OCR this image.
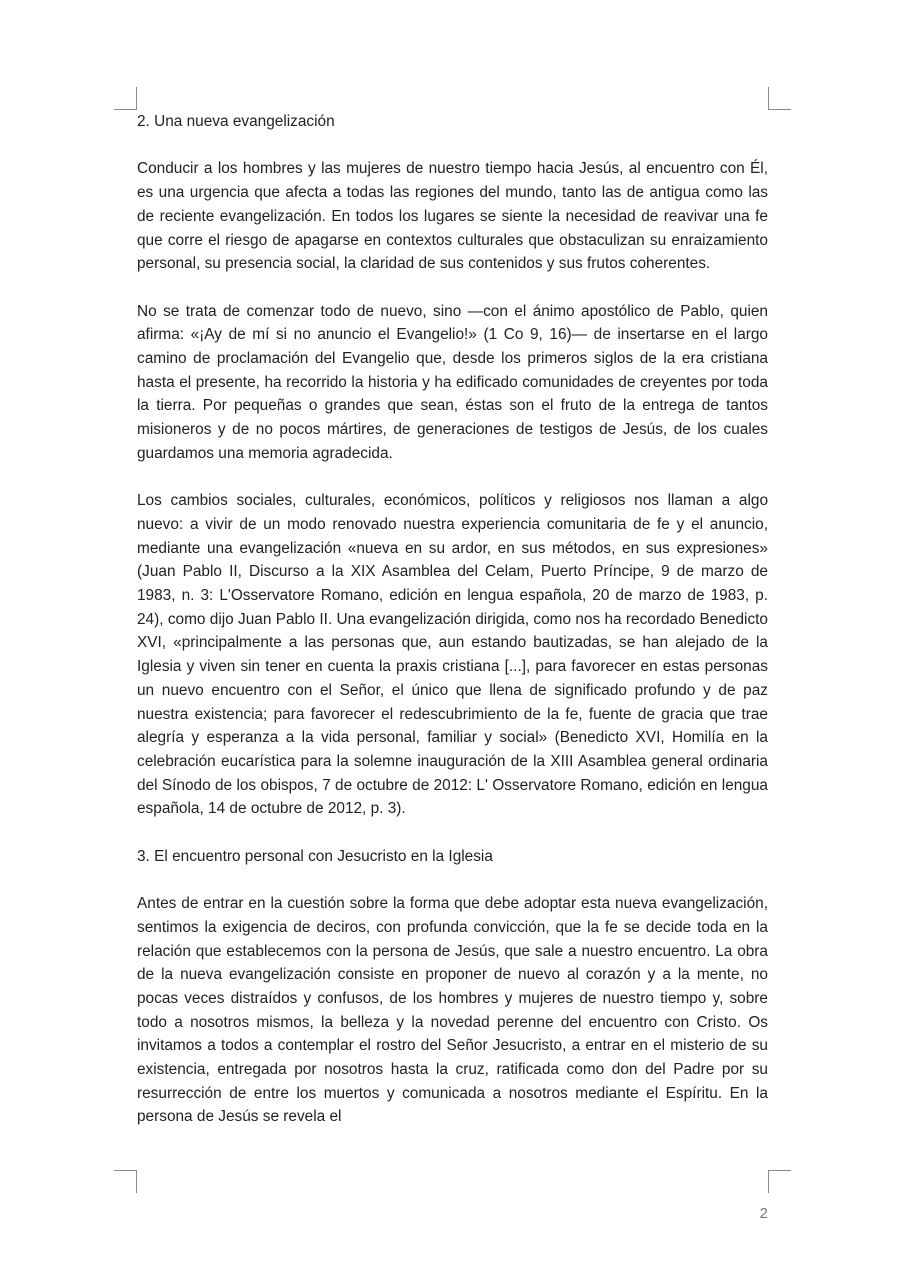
2. Una nueva evangelización

Conducir a los hombres y las mujeres de nuestro tiempo hacia Jesús, al encuentro con Él, es una urgencia que afecta a todas las regiones del mundo, tanto las de antigua como las de reciente evangelización. En todos los lugares se siente la necesidad de reavivar una fe que corre el riesgo de apagarse en contextos culturales que obstaculizan su enraizamiento personal, su presencia social, la claridad de sus contenidos y sus frutos coherentes.

No se trata de comenzar todo de nuevo, sino —con el ánimo apostólico de Pablo, quien afirma: «¡Ay de mí si no anuncio el Evangelio!» (1 Co 9, 16)— de insertarse en el largo camino de proclamación del Evangelio que, desde los primeros siglos de la era cristiana hasta el presente, ha recorrido la historia y ha edificado comunidades de creyentes por toda la tierra. Por pequeñas o grandes que sean, éstas son el fruto de la entrega de tantos misioneros y de no pocos mártires, de generaciones de testigos de Jesús, de los cuales guardamos una memoria agradecida.

Los cambios sociales, culturales, económicos, políticos y religiosos nos llaman a algo nuevo: a vivir de un modo renovado nuestra experiencia comunitaria de fe y el anuncio, mediante una evangelización «nueva en su ardor, en sus métodos, en sus expresiones» (Juan Pablo II, Discurso a la XIX Asamblea del Celam, Puerto Príncipe, 9 de marzo de 1983, n. 3: L'Osservatore Romano, edición en lengua española, 20 de marzo de 1983, p. 24), como dijo Juan Pablo II. Una evangelización dirigida, como nos ha recordado Benedicto XVI, «principalmente a las personas que, aun estando bautizadas, se han alejado de la Iglesia y viven sin tener en cuenta la praxis cristiana [...], para favorecer en estas personas un nuevo encuentro con el Señor, el único que llena de significado profundo y de paz nuestra existencia; para favorecer el redescubrimiento de la fe, fuente de gracia que trae alegría y esperanza a la vida personal, familiar y social» (Benedicto XVI, Homilía en la celebración eucarística para la solemne inauguración de la XIII Asamblea general ordinaria del Sínodo de los obispos, 7 de octubre de 2012: L' Osservatore Romano, edición en lengua española, 14 de octubre de 2012, p. 3).

3. El encuentro personal con Jesucristo en la Iglesia

Antes de entrar en la cuestión sobre la forma que debe adoptar esta nueva evangelización, sentimos la exigencia de deciros, con profunda convicción, que la fe se decide toda en la relación que establecemos con la persona de Jesús, que sale a nuestro encuentro. La obra de la nueva evangelización consiste en proponer de nuevo al corazón y a la mente, no pocas veces distraídos y confusos, de los hombres y mujeres de nuestro tiempo y, sobre todo a nosotros mismos, la belleza y la novedad perenne del encuentro con Cristo. Os invitamos a todos a contemplar el rostro del Señor Jesucristo, a entrar en el misterio de su existencia, entregada por nosotros hasta la cruz, ratificada como don del Padre por su resurrección de entre los muertos y comunicada a nosotros mediante el Espíritu. En la persona de Jesús se revela el

2
